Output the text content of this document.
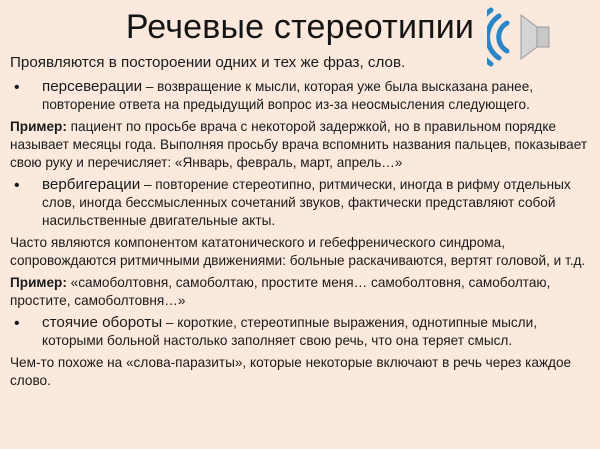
Речевые стереотипии
Проявляются в постороении одних и тех же фраз, слов.
• персеверации – возвращение к мысли, которая уже была высказана ранее, повторение ответа на предыдущий вопрос из-за неосмысления следующего.
Пример: пациент по просьбе врача с некоторой задержкой, но в правильном порядке называет месяцы года. Выполняя просьбу врача вспомнить названия пальцев, показывает свою руку и перечисляет: «Январь, февраль, март, апрель…»
• вербигерации – повторение стереотипно, ритмически, иногда в рифму отдельных слов, иногда бессмысленных сочетаний звуков, фактически представляют собой насильственные двигательные акты.
Часто являются компонентом кататонического и гебефренического синдрома, сопровождаются ритмичными движениями: больные раскачиваются, вертят головой, и т.д.
Пример: «самоболтовня, самоболтаю, простите меня… самоболтовня, самоболтаю, простите, самоболтовня…»
• стоячие обороты – короткие, стереотипные выражения, однотипные мысли, которыми больной настолько заполняет свою речь, что она теряет смысл.
Чем-то похоже на «слова-паразиты», которые некоторые включают в речь через каждое слово.
